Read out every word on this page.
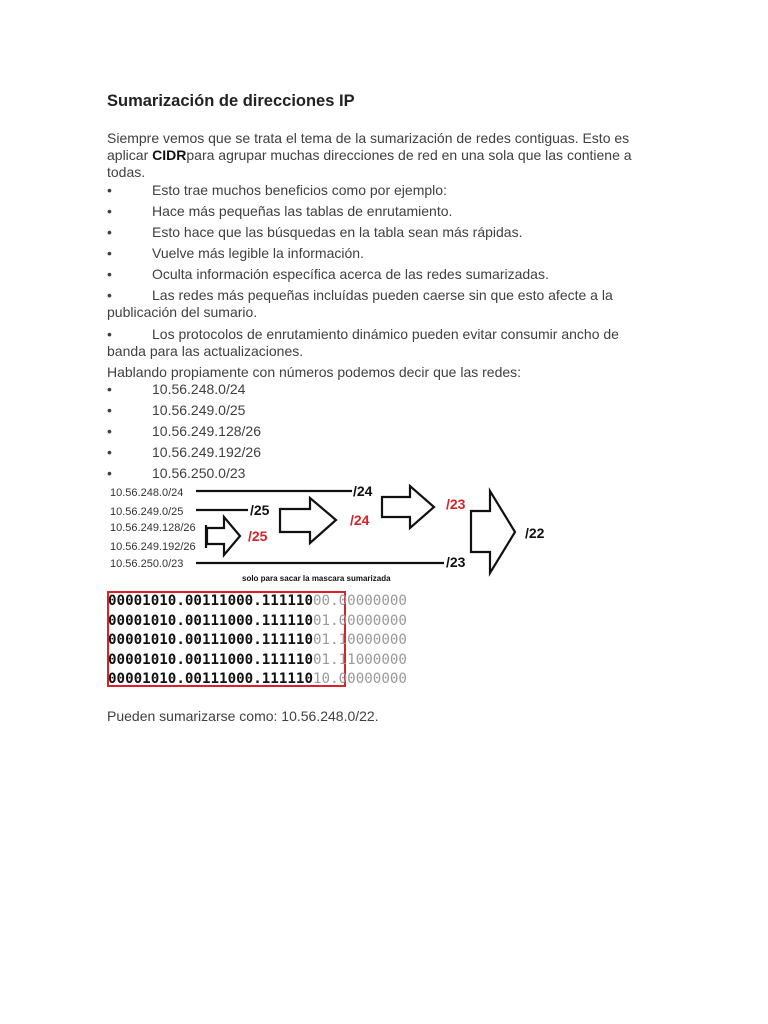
Sumarización de direcciones IP

Siempre vemos que se trata el tema de la sumarización de redes contiguas. Esto es
aplicar CIDRpara agrupar muchas direcciones de red en una sola que las contiene a
todas.

•	Esto trae muchos beneficios como por ejemplo:

•	Hace más pequeñas las tablas de enrutamiento.

•	Esto hace que las búsquedas en la tabla sean más rápidas.

•	Vuelve más legible la información.

•	Oculta información específica acerca de las redes sumarizadas.

•	Las redes más pequeñas incluídas pueden caerse sin que esto afecte a la
publicación del sumario.

•	Los protocolos de enrutamiento dinámico pueden evitar consumir ancho de
banda para las actualizaciones.

Hablando propiamente con números podemos decir que las redes:

•	10.56.248.0/24

•	10.56.249.0/25

•	10.56.249.128/26

•	10.56.249.192/26

•	10.56.250.0/23

10.56.248.0/24
10.56.249.0/25
10.56.249.128/26
10.56.249.192/26
10.56.250.0/23
/24
/25
/23
/25
/24
/23
/22
solo para sacar la mascara sumarizada
00001010.00111000.11111000.00000000
00001010.00111000.11111001.00000000
00001010.00111000.11111001.10000000
00001010.00111000.11111001.11000000
00001010.00111000.11111010.00000000

Pueden sumarizarse como: 10.56.248.0/22.
